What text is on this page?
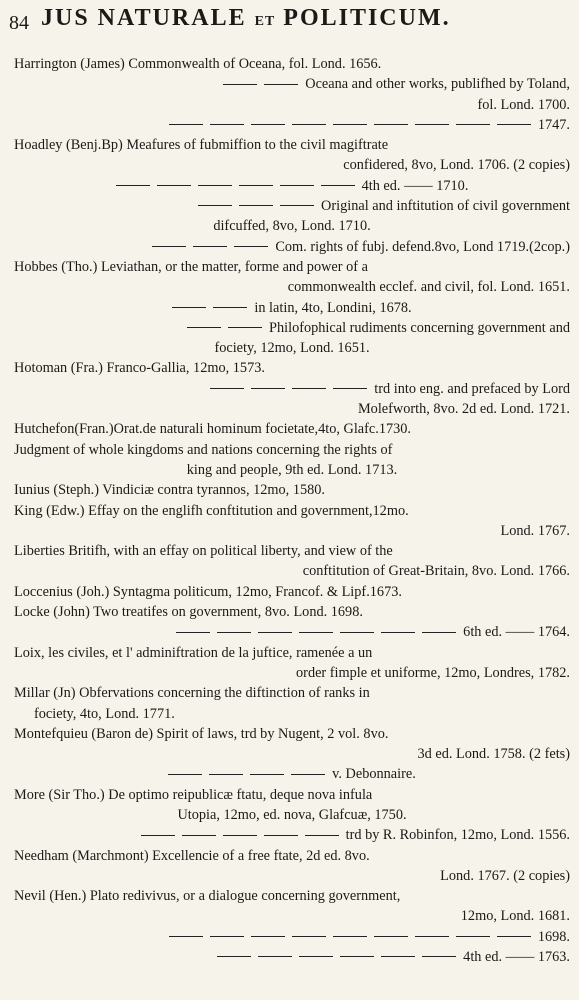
84 JUS NATURALE ET POLITICUM.
Harrington (James) Commonwealth of Oceana, fol. Lond. 1656.
Oceana and other works, publifhed by Toland,
fol. Lond. 1700.
1747.
Hoadley (Benj.Bp) Meafures of fubmiffion to the civil magiftrate
confidered, 8vo, Lond. 1706. (2 copies)
4th ed. —— 1710.
Original and inftitution of civil government
difcuffed, 8vo, Lond. 1710.
Com. rights of fubj. defend.8vo, Lond 1719.(2cop.)
Hobbes (Tho.) Leviathan, or the matter, forme and power of a
commonwealth ecclef. and civil, fol. Lond. 1651.
in latin, 4to, Londini, 1678.
Philofophical rudiments concerning government and
fociety, 12mo, Lond. 1651.
Hotoman (Fra.) Franco-Gallia, 12mo, 1573.
trd into eng. and prefaced by Lord
Molefworth, 8vo. 2d ed. Lond. 1721.
Hutchefon(Fran.)Orat.de naturali hominum focietate,4to, Glafc.1730.
Judgment of whole kingdoms and nations concerning the rights of
king and people, 9th ed. Lond. 1713.
Iunius (Steph.) Vindiciæ contra tyrannos, 12mo, 1580.
King (Edw.) Effay on the englifh conftitution and government,12mo.
Lond. 1767.
Liberties Britifh, with an effay on political liberty, and view of the
conftitution of Great-Britain, 8vo. Lond. 1766.
Loccenius (Joh.) Syntagma politicum, 12mo, Francof. & Lipf.1673.
Locke (John) Two treatifes on government, 8vo. Lond. 1698.
6th ed. —— 1764.
Loix, les civiles, et l' adminiftration de la juftice, ramenée a un
order fimple et uniforme, 12mo, Londres, 1782.
Millar (Jn) Obfervations concerning the diftinction of ranks in
fociety, 4to, Lond. 1771.
Montefquieu (Baron de) Spirit of laws, trd by Nugent, 2 vol. 8vo.
3d ed. Lond. 1758. (2 fets)
v. Debonnaire.
More (Sir Tho.) De optimo reipublicæ ftatu, deque nova infula
Utopia, 12mo, ed. nova, Glafcuæ, 1750.
trd by R. Robinfon, 12mo, Lond. 1556.
Needham (Marchmont) Excellencie of a free ftate, 2d ed. 8vo.
Lond. 1767. (2 copies)
Nevil (Hen.) Plato redivivus, or a dialogue concerning government,
12mo, Lond. 1681.
1698.
4th ed. —— 1763.
